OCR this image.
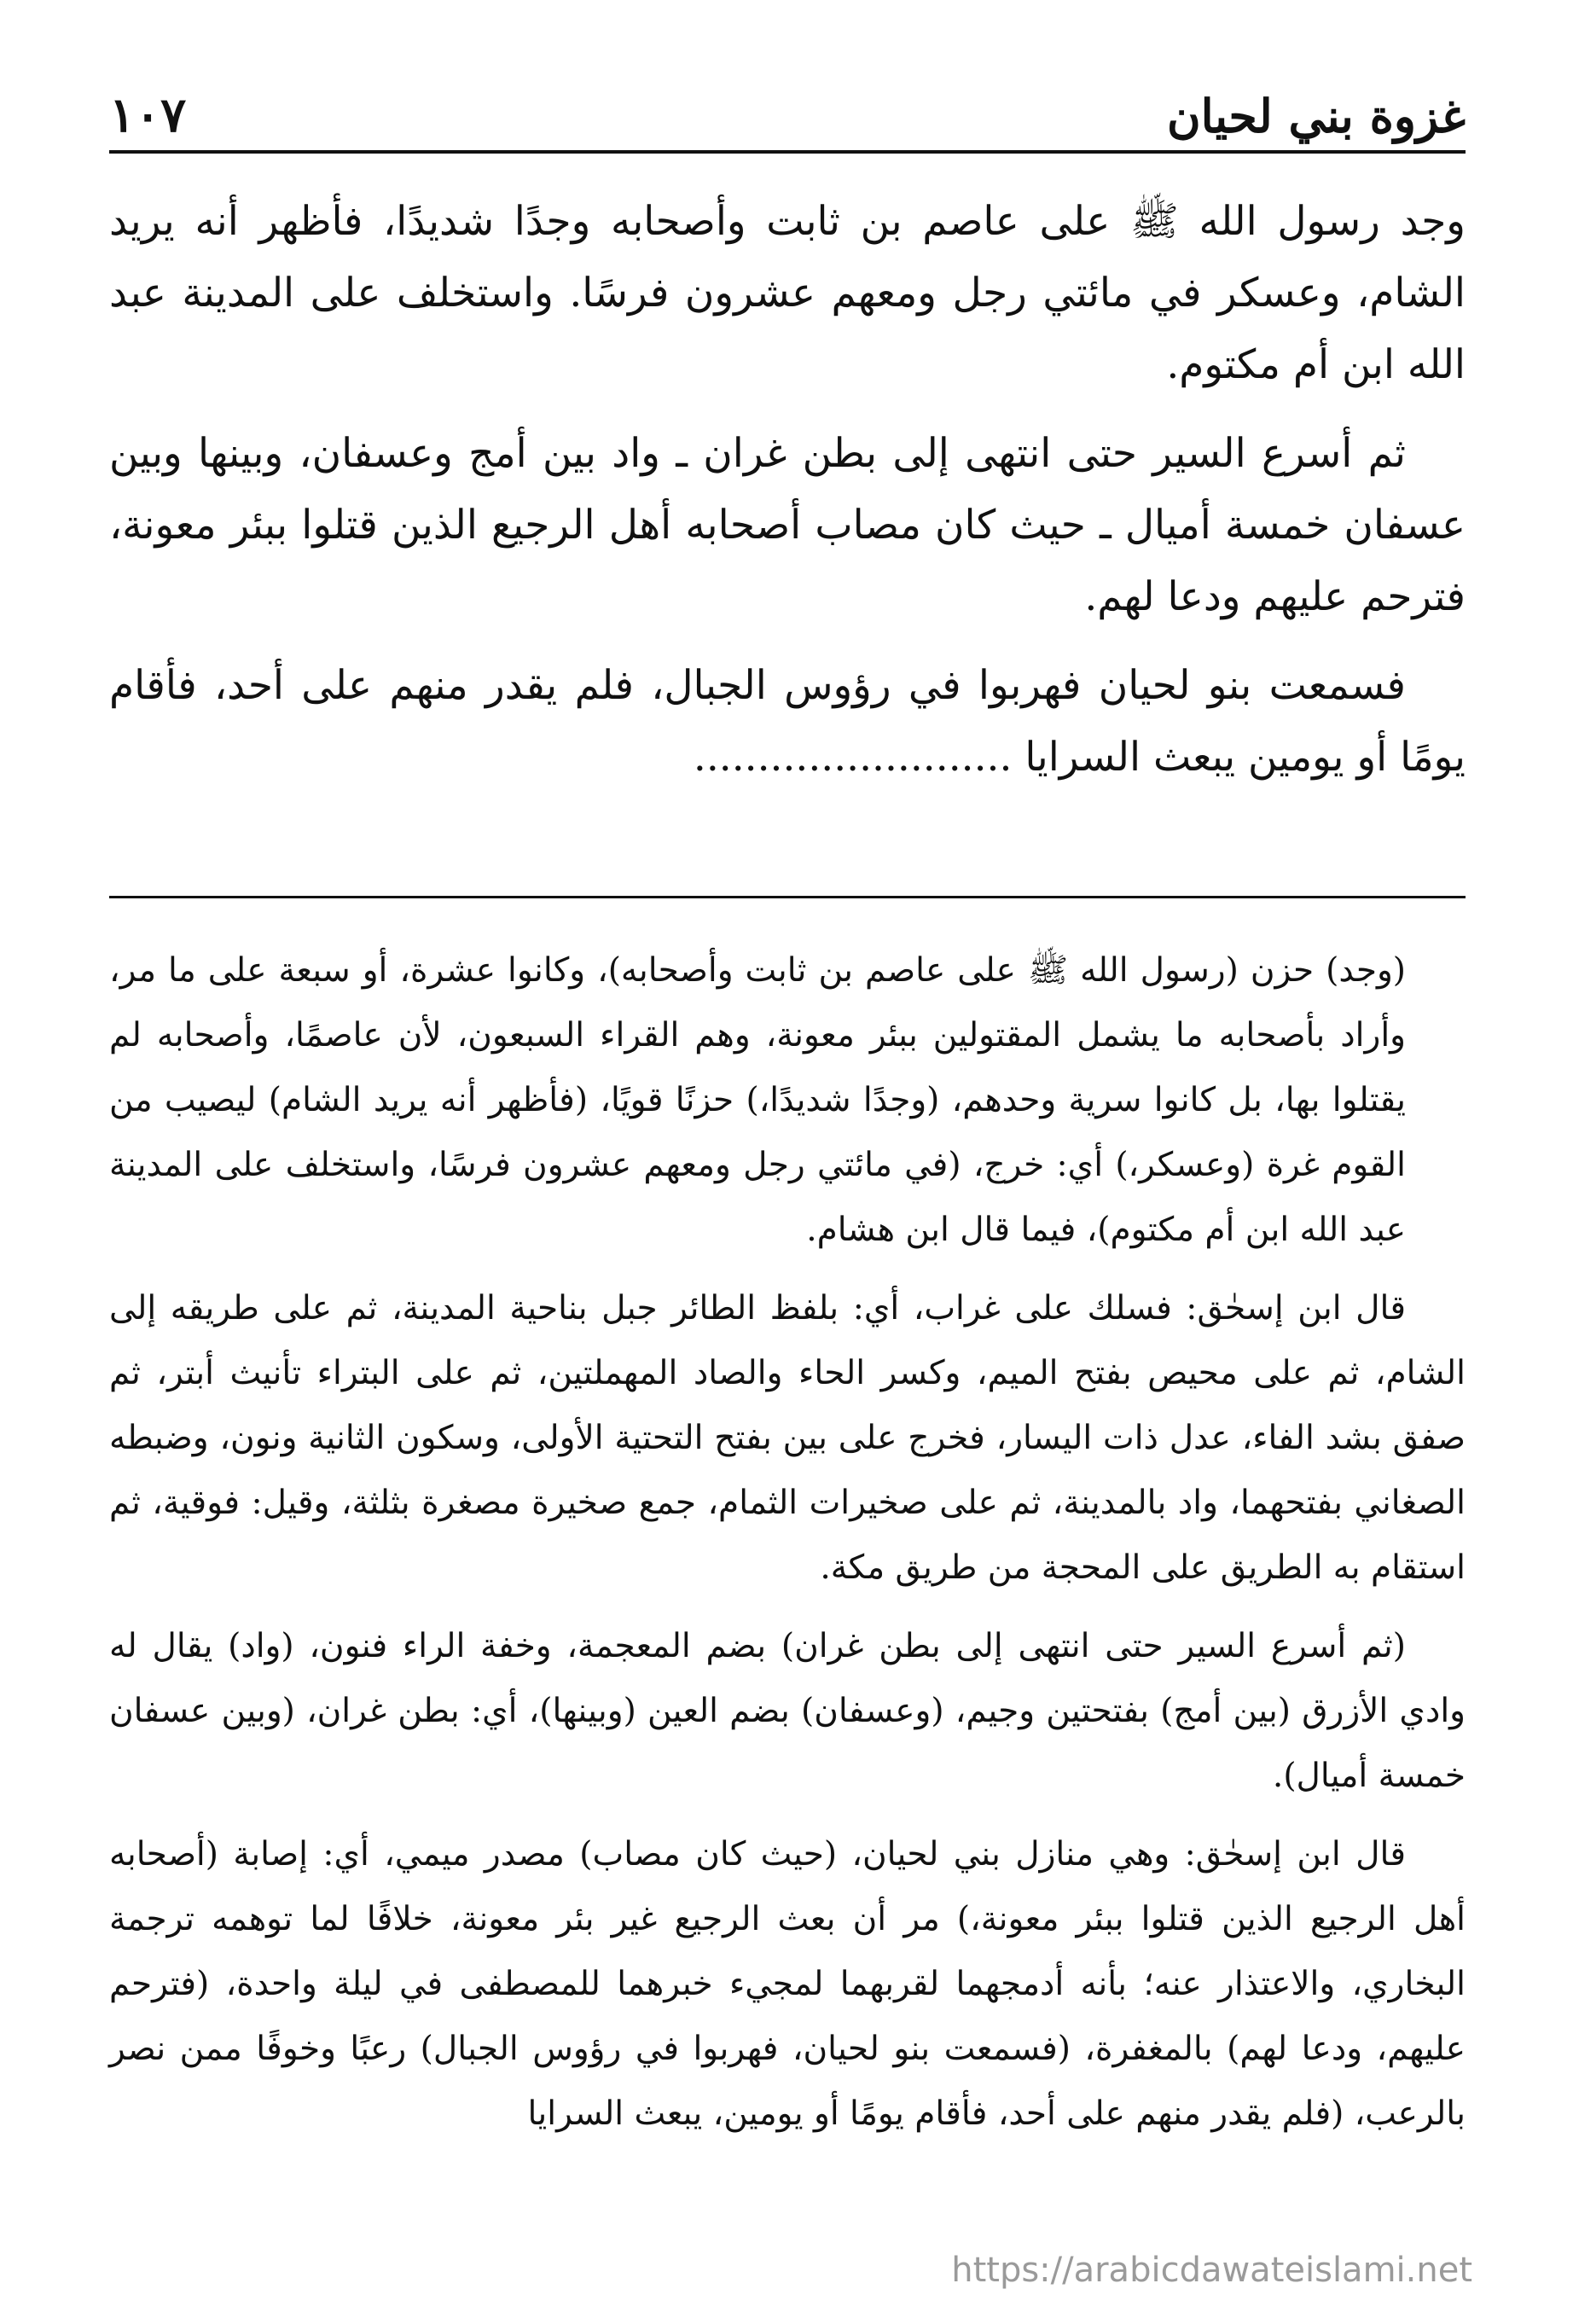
غزوة بني لحيان
١٠٧

وجد رسول الله ﷺ على عاصم بن ثابت وأصحابه وجدًا شديدًا، فأظهر أنه يريد الشام، وعسكر في مائتي رجل ومعهم عشرون فرسًا. واستخلف على المدينة عبد الله ابن أم مكتوم.

ثم أسرع السير حتى انتهى إلى بطن غران ـ واد بين أمج وعسفان، وبينها وبين عسفان خمسة أميال ـ حيث كان مصاب أصحابه أهل الرجيع الذين قتلوا ببئر معونة، فترحم عليهم ودعا لهم.

فسمعت بنو لحيان فهربوا في رؤوس الجبال، فلم يقدر منهم على أحد، فأقام يومًا أو يومين يبعث السرايا .........................

(وجد) حزن (رسول الله ﷺ على عاصم بن ثابت وأصحابه)، وكانوا عشرة، أو سبعة على ما مر، وأراد بأصحابه ما يشمل المقتولين ببئر معونة، وهم القراء السبعون، لأن عاصمًا، وأصحابه لم يقتلوا بها، بل كانوا سرية وحدهم، (وجدًا شديدًا،) حزنًا قويًا، (فأظهر أنه يريد الشام) ليصيب من القوم غرة (وعسكر،) أي: خرج، (في مائتي رجل ومعهم عشرون فرسًا، واستخلف على المدينة عبد الله ابن أم مكتوم)، فيما قال ابن هشام.

قال ابن إسحٰق: فسلك على غراب، أي: بلفظ الطائر جبل بناحية المدينة، ثم على طريقه إلى الشام، ثم على محيص بفتح الميم، وكسر الحاء والصاد المهملتين، ثم على البتراء تأنيث أبتر، ثم صفق بشد الفاء، عدل ذات اليسار، فخرج على بين بفتح التحتية الأولى، وسكون الثانية ونون، وضبطه الصغاني بفتحهما، واد بالمدينة، ثم على صخيرات الثمام، جمع صخيرة مصغرة بثلثة، وقيل: فوقية، ثم استقام به الطريق على المحجة من طريق مكة.

(ثم أسرع السير حتى انتهى إلى بطن غران) بضم المعجمة، وخفة الراء فنون، (واد) يقال له وادي الأزرق (بين أمج) بفتحتين وجيم، (وعسفان) بضم العين (وبينها)، أي: بطن غران، (وبين عسفان خمسة أميال).

قال ابن إسحٰق: وهي منازل بني لحيان، (حيث كان مصاب) مصدر ميمي، أي: إصابة (أصحابه أهل الرجيع الذين قتلوا ببئر معونة،) مر أن بعث الرجيع غير بئر معونة، خلافًا لما توهمه ترجمة البخاري، والاعتذار عنه؛ بأنه أدمجهما لقربهما لمجيء خبرهما للمصطفى في ليلة واحدة، (فترحم عليهم، ودعا لهم) بالمغفرة، (فسمعت بنو لحيان، فهربوا في رؤوس الجبال) رعبًا وخوفًا ممن نصر بالرعب، (فلم يقدر منهم على أحد، فأقام يومًا أو يومين، يبعث السرايا

https://arabicdawateislami.net
